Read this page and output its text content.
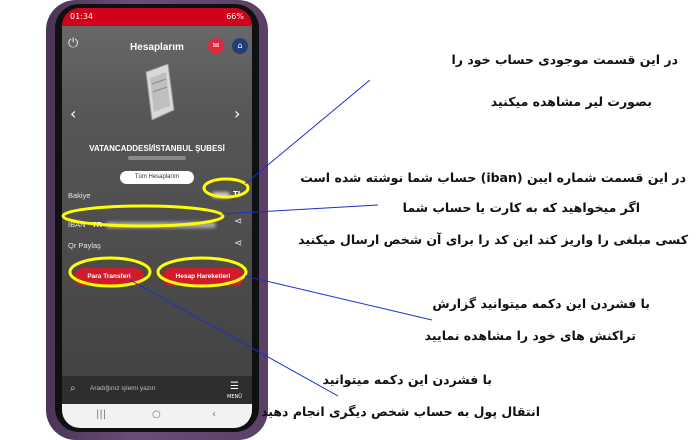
01:34	66%
⏻	Hesaplarım	✉	⌂
‹	›
VATANCADDESİ/İSTANBUL ŞUBESİ
Tüm Hesaplarım
Bakiye	TL
IBAN TR	⋖
Qr Paylaş	⋖
Para Transferi	Hesap Hareketleri
⌕ Aradığınız işlemi yazın	☰
MENÜ
|||	○	‹
در این قسمت موجودی حساب خود را
بصورت لیر مشاهده میکنید
در این قسمت شماره ایبن (iban) حساب شما نوشته شده است
اگر میخواهید که به کارت یا حساب شما
کسی مبلغی را واریز کند این کد را برای آن شخص ارسال میکنید
با فشردن این دکمه میتوانید گزارش
تراکنش های خود را مشاهده نمایید
با فشردن این دکمه میتوانید
انتقال پول به حساب شخص دیگری انجام دهید
